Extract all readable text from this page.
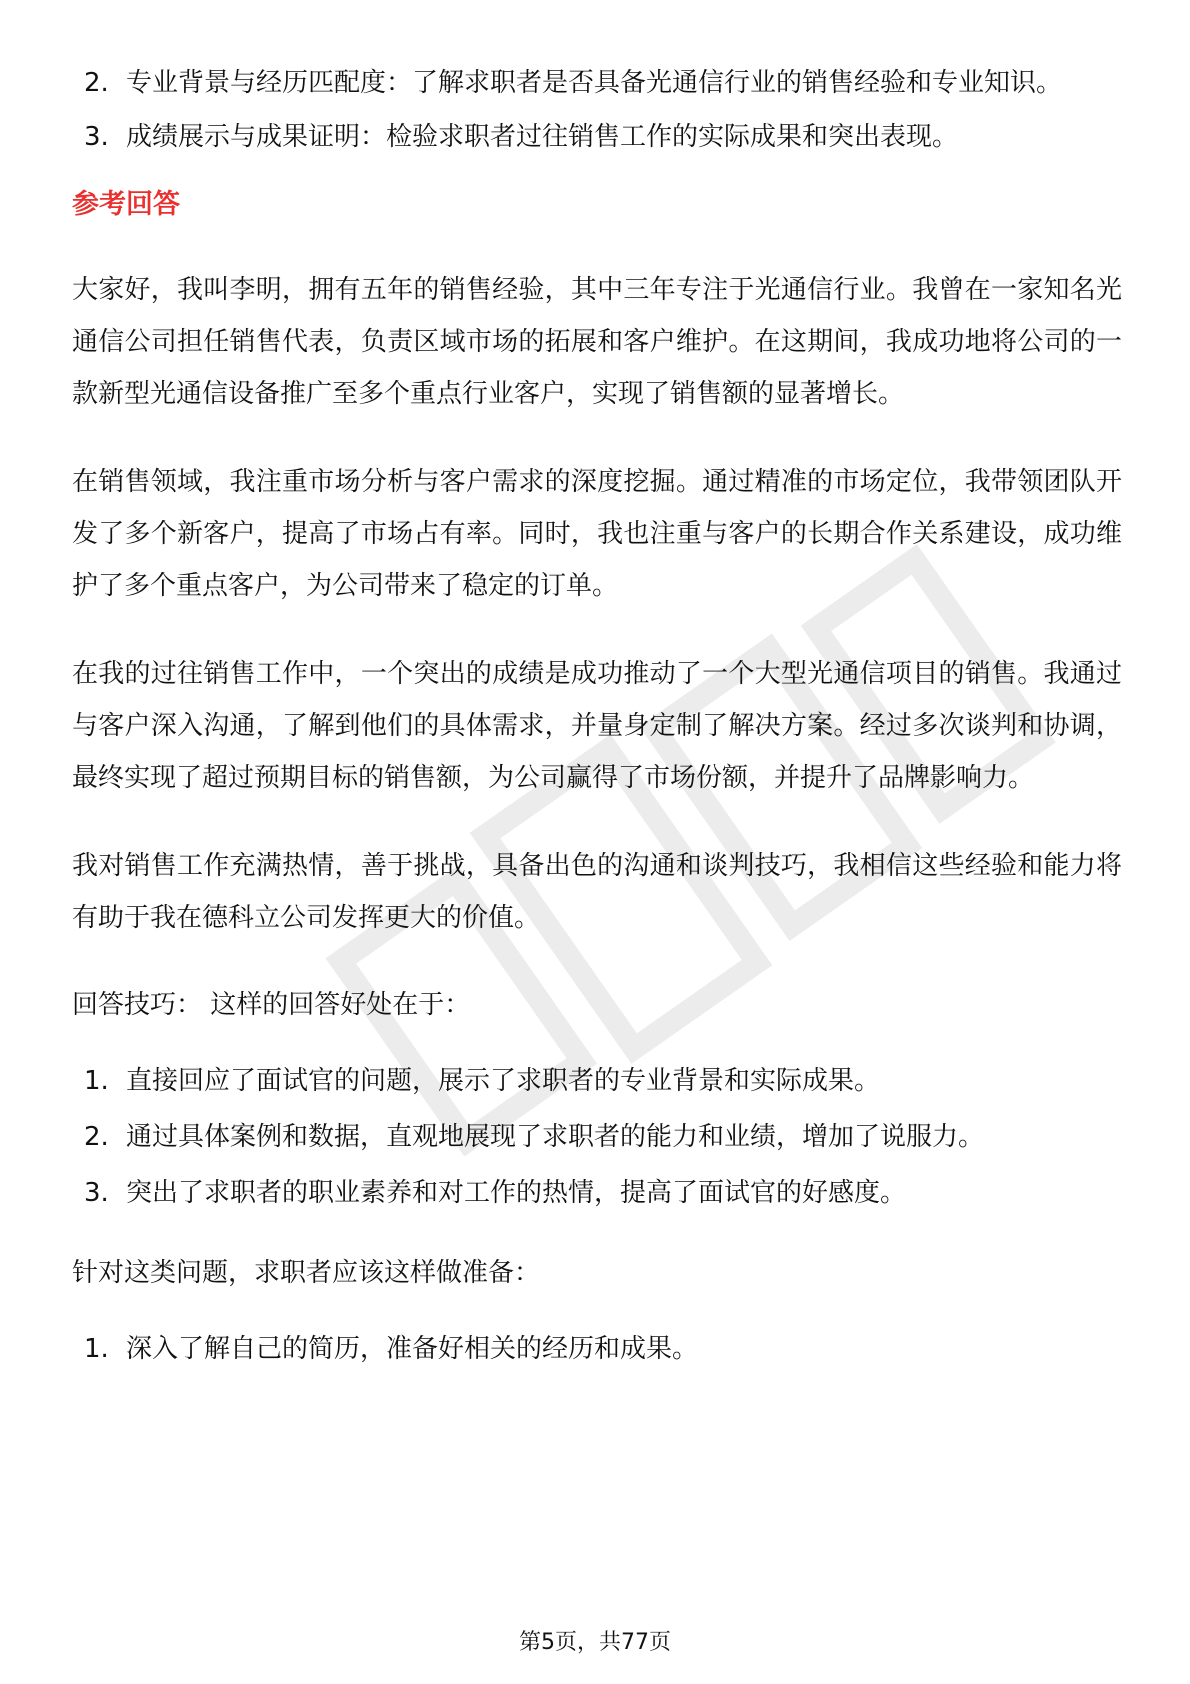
2. 专业背景与经历匹配度：了解求职者是否具备光通信行业的销售经验和专业知识。
3. 成绩展示与成果证明：检验求职者过往销售工作的实际成果和突出表现。
参考回答

大家好，我叫李明，拥有五年的销售经验，其中三年专注于光通信行业。我曾在一家知名光通信公司担任销售代表，负责区域市场的拓展和客户维护。在这期间，我成功地将公司的一款新型光通信设备推广至多个重点行业客户，实现了销售额的显著增长。

在销售领域，我注重市场分析与客户需求的深度挖掘。通过精准的市场定位，我带领团队开发了多个新客户，提高了市场占有率。同时，我也注重与客户的长期合作关系建设，成功维护了多个重点客户，为公司带来了稳定的订单。

在我的过往销售工作中，一个突出的成绩是成功推动了一个大型光通信项目的销售。我通过与客户深入沟通，了解到他们的具体需求，并量身定制了解决方案。经过多次谈判和协调，最终实现了超过预期目标的销售额，为公司赢得了市场份额，并提升了品牌影响力。

我对销售工作充满热情，善于挑战，具备出色的沟通和谈判技巧，我相信这些经验和能力将有助于我在德科立公司发挥更大的价值。

回答技巧： 这样的回答好处在于：
1. 直接回应了面试官的问题，展示了求职者的专业背景和实际成果。
2. 通过具体案例和数据，直观地展现了求职者的能力和业绩，增加了说服力。
3. 突出了求职者的职业素养和对工作的热情，提高了面试官的好感度。
针对这类问题，求职者应该这样做准备：
1. 深入了解自己的简历，准备好相关的经历和成果。
第5页，共77页
